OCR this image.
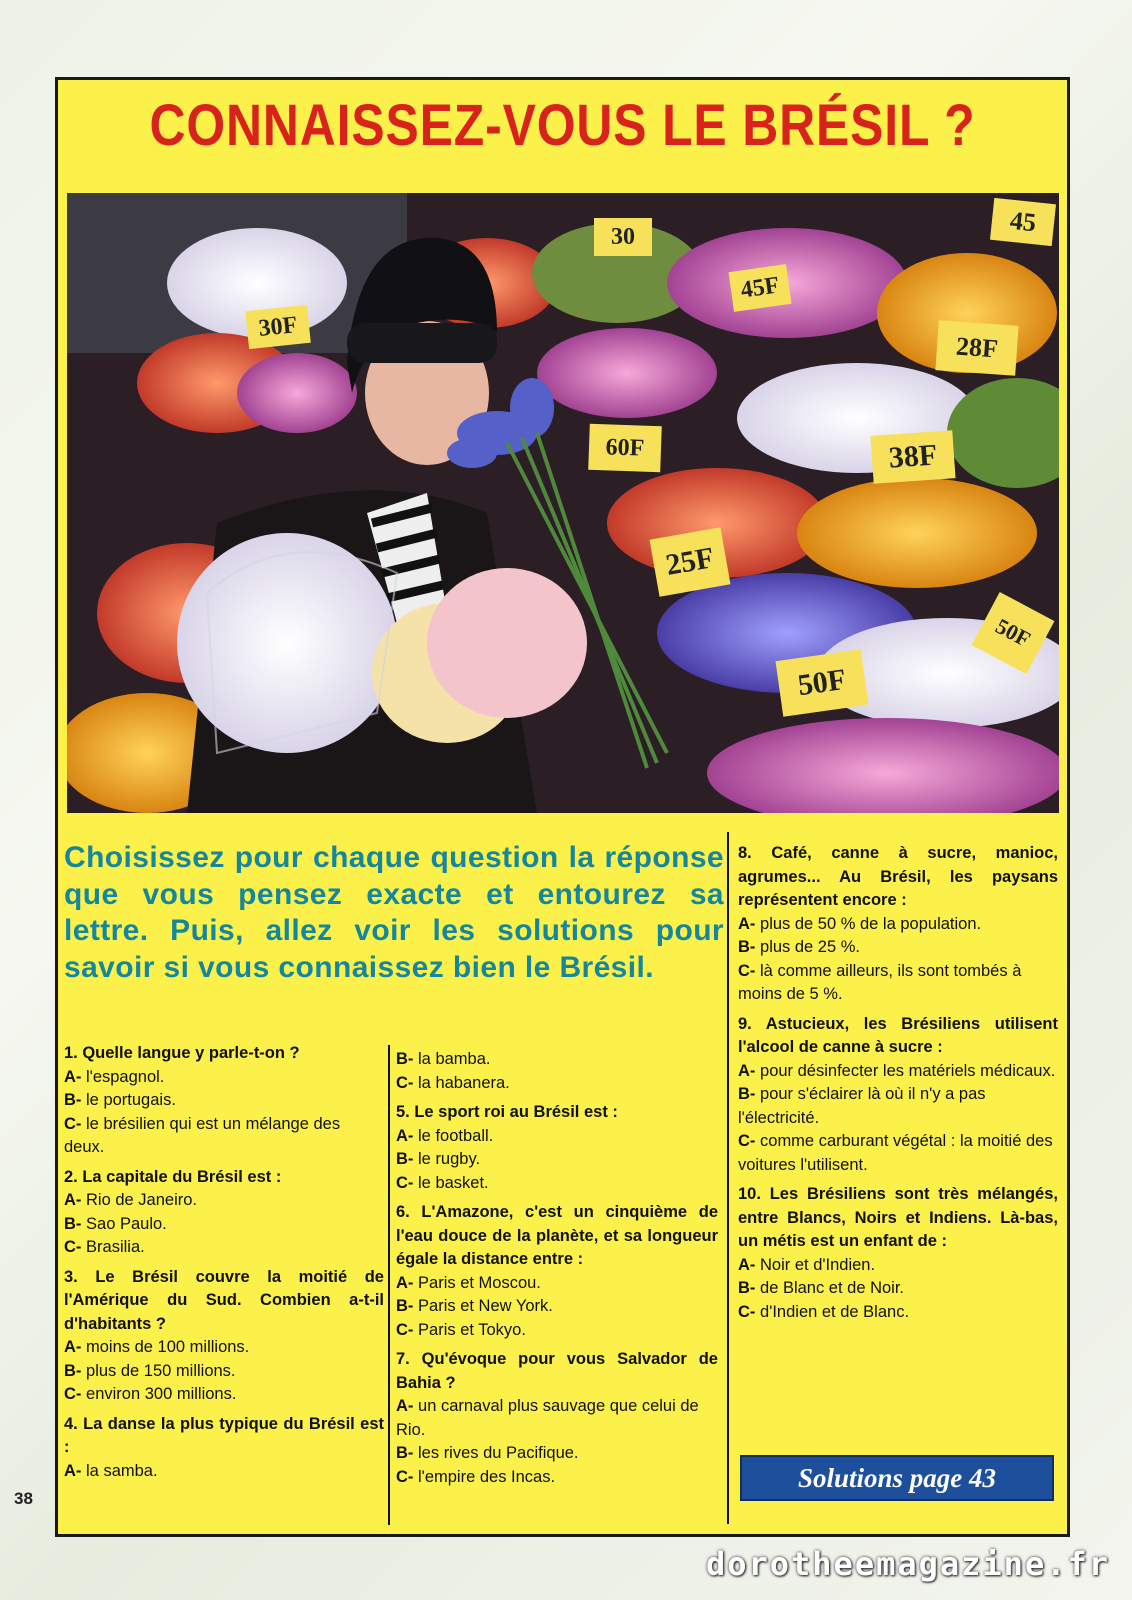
CONNAISSEZ-VOUS LE BRÉSIL ?
30F
45F
45
30
28F
60F	38F
25F
50F
50F
Choisissez pour chaque question la réponse que vous pensez exacte et entourez sa lettre. Puis, allez voir les solutions pour savoir si vous connaissez bien le Brésil.
1. Quelle langue y parle-t-on ?
A- l'espagnol.
B- le portugais.
C- le brésilien qui est un mélange des deux.
2. La capitale du Brésil est :
A- Rio de Janeiro.
B- Sao Paulo.
C- Brasilia.
3. Le Brésil couvre la moitié de l'Amérique du Sud. Combien a-t-il d'habitants ?
A- moins de 100 millions.
B- plus de 150 millions.
C- environ 300 millions.
4. La danse la plus typique du Brésil est :
A- la samba.
B- la bamba.
C- la habanera.
5. Le sport roi au Brésil est :
A- le football.
B- le rugby.
C- le basket.
6. L'Amazone, c'est un cinquième de l'eau douce de la planète, et sa longueur égale la distance entre :
A- Paris et Moscou.
B- Paris et New York.
C- Paris et Tokyo.
7. Qu'évoque pour vous Salvador de Bahia ?
A- un carnaval plus sauvage que celui de Rio.
B- les rives du Pacifique.
C- l'empire des Incas.
8. Café, canne à sucre, manioc, agrumes... Au Brésil, les paysans représentent encore :
A- plus de 50 % de la population.
B- plus de 25 %.
C- là comme ailleurs, ils sont tombés à moins de 5 %.
9. Astucieux, les Brésiliens utilisent l'alcool de canne à sucre :
A- pour désinfecter les matériels médicaux.
B- pour s'éclairer là où il n'y a pas l'électricité.
C- comme carburant végétal : la moitié des voitures l'utilisent.
10. Les Brésiliens sont très mélangés, entre Blancs, Noirs et Indiens. Là-bas, un métis est un enfant de :
A- Noir et d'Indien.
B- de Blanc et de Noir.
C- d'Indien et de Blanc.
Solutions page 43
38
dorotheemagazine.fr
